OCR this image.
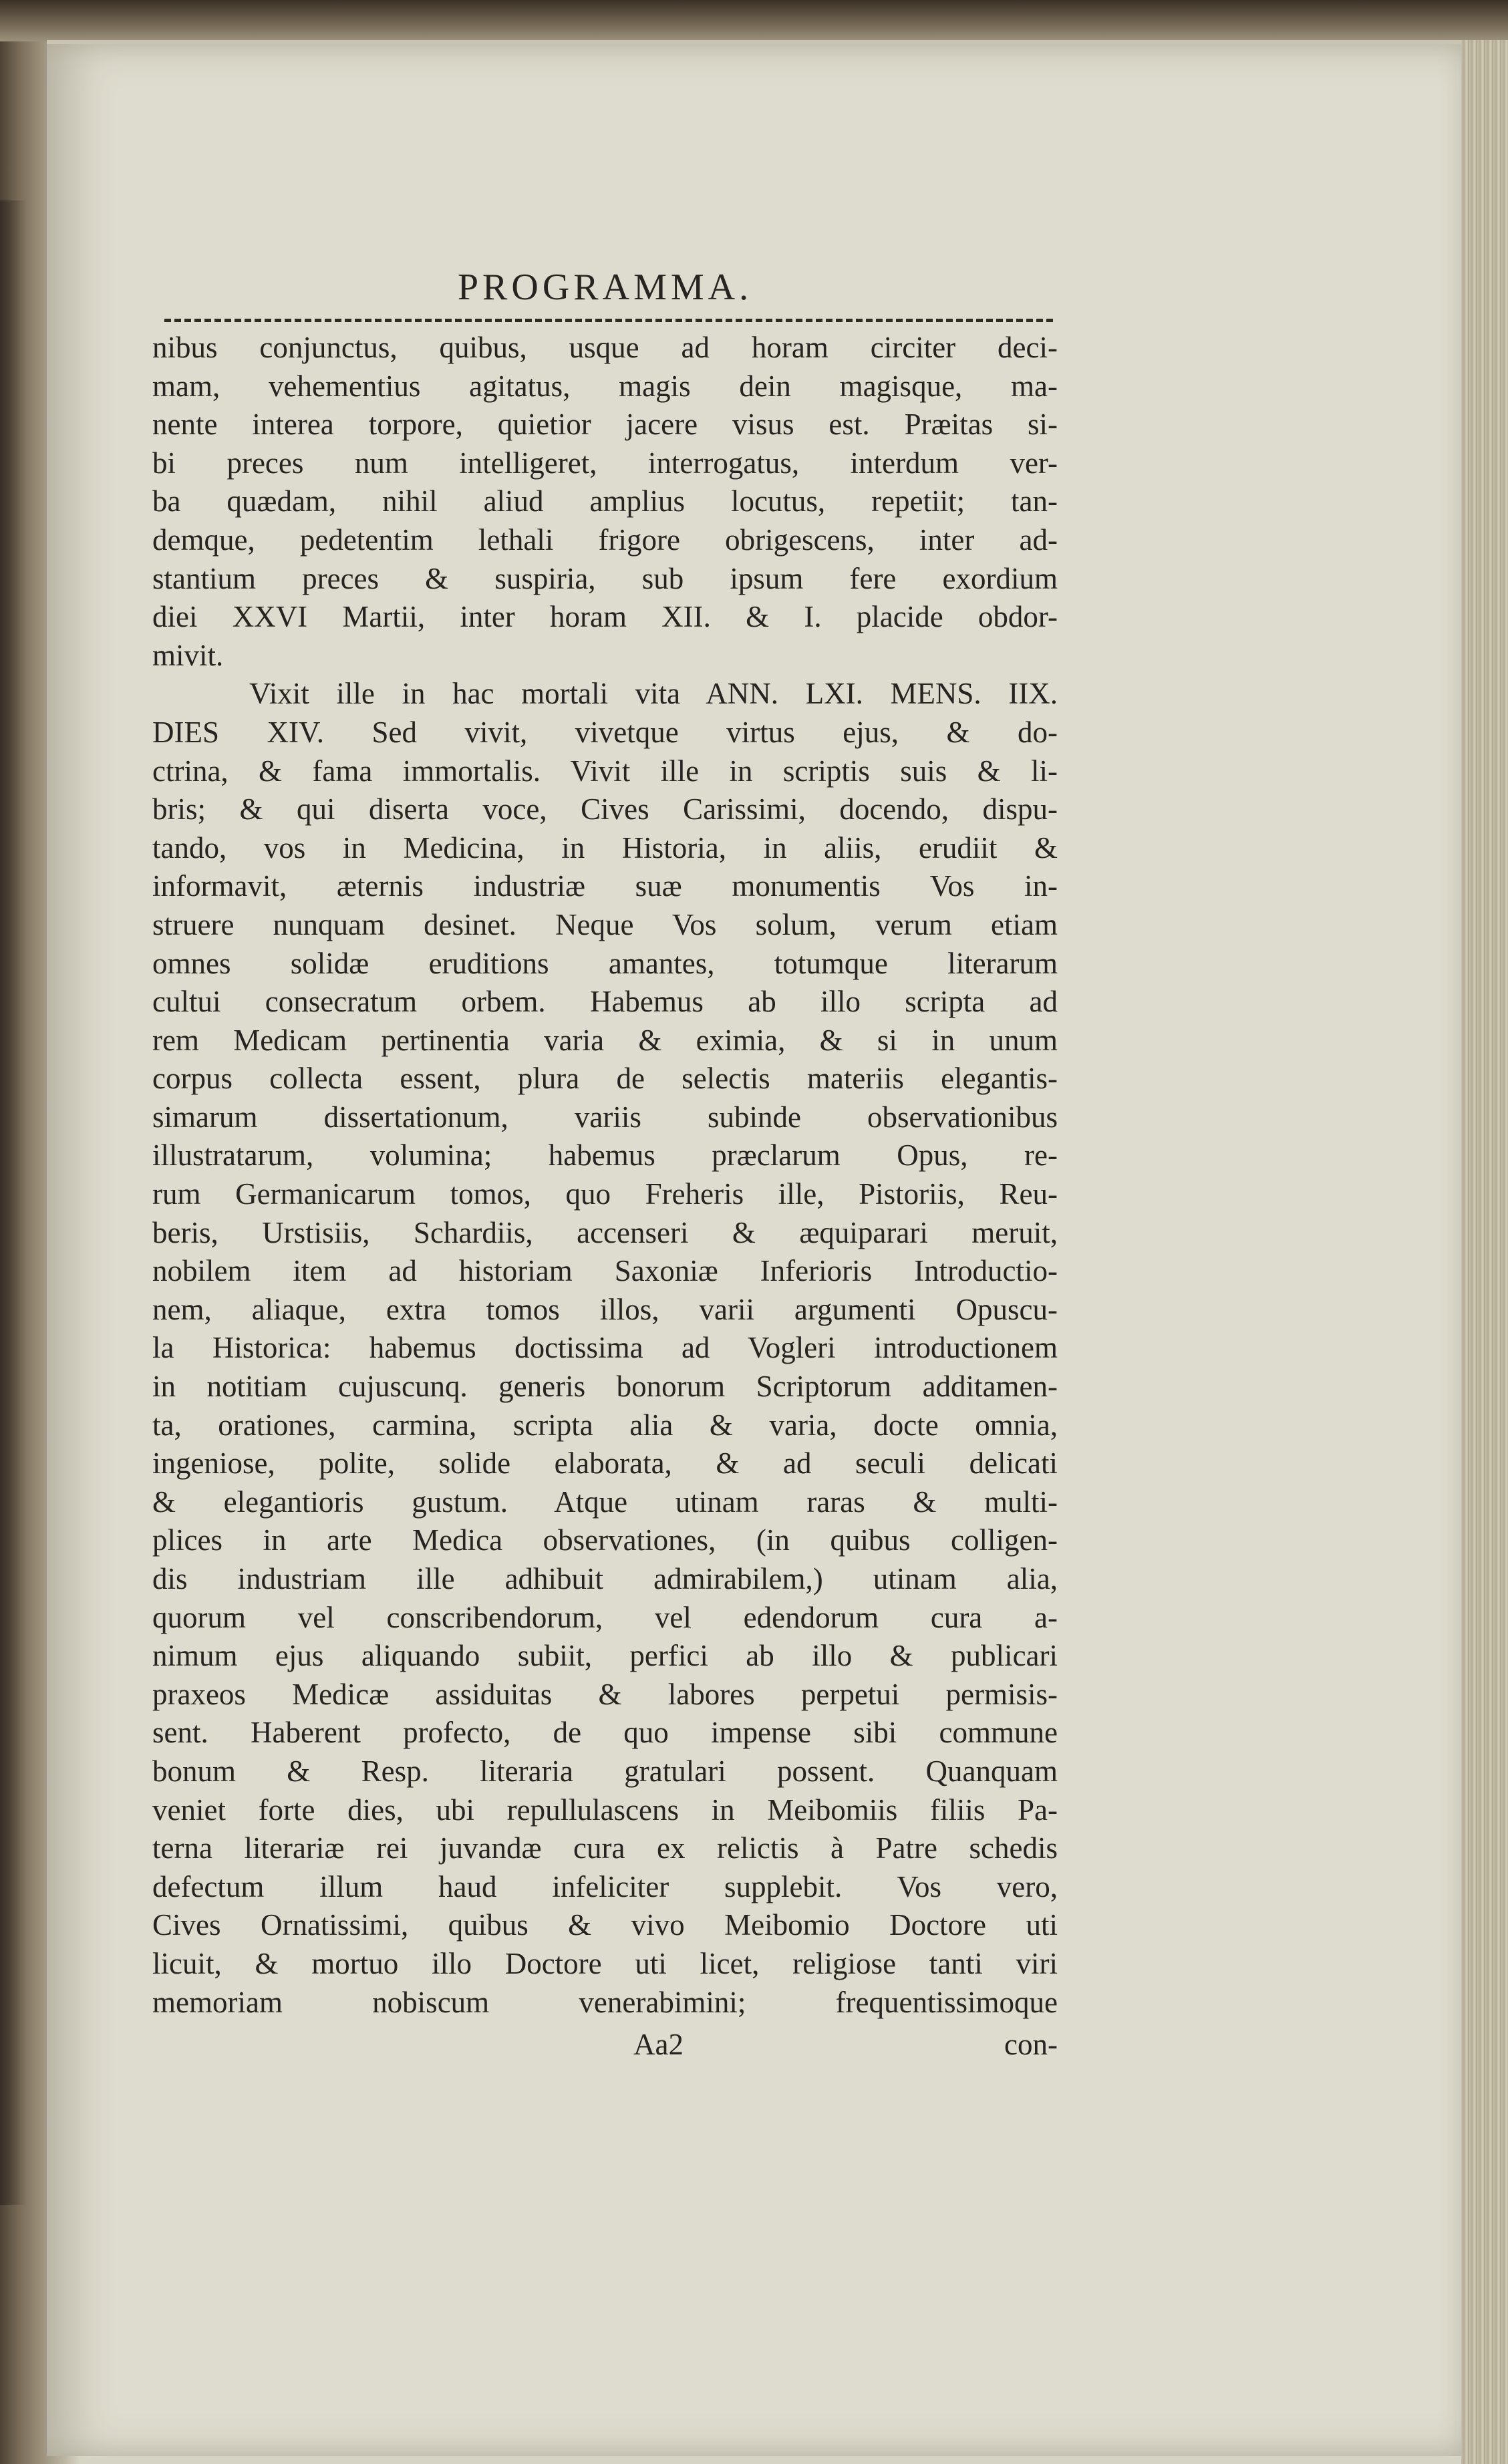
PROGRAMMA.
nibus conjunctus, quibus, usque ad horam circiter deci-
mam, vehementius agitatus, magis dein magisque, ma-
nente interea torpore, quietior jacere visus est. Præitas si-
bi preces num intelligeret, interrogatus, interdum ver-
ba quædam, nihil aliud amplius locutus, repetiit; tan-
demque, pedetentim lethali frigore obrigescens, inter ad-
stantium preces & suspiria, sub ipsum fere exordium
diei XXVI Martii, inter horam XII. & I. placide obdor-
mivit.
Vixit ille in hac mortali vita ANN. LXI. MENS. IIX.
DIES XIV. Sed vivit, vivetque virtus ejus, & do-
ctrina, & fama immortalis. Vivit ille in scriptis suis & li-
bris; & qui diserta voce, Cives Carissimi, docendo, dispu-
tando, vos in Medicina, in Historia, in aliis, erudiit &
informavit, æternis industriæ suæ monumentis Vos in-
struere nunquam desinet. Neque Vos solum, verum etiam
omnes solidæ eruditions amantes, totumque literarum
cultui consecratum orbem. Habemus ab illo scripta ad
rem Medicam pertinentia varia & eximia, & si in unum
corpus collecta essent, plura de selectis materiis elegantis-
simarum dissertationum, variis subinde observationibus
illustratarum, volumina; habemus præclarum Opus, re-
rum Germanicarum tomos, quo Freheris ille, Pistoriis, Reu-
beris, Urstisiis, Schardiis, accenseri & æquiparari meruit,
nobilem item ad historiam Saxoniæ Inferioris Introductio-
nem, aliaque, extra tomos illos, varii argumenti Opuscu-
la Historica: habemus doctissima ad Vogleri introductionem
in notitiam cujuscunq. generis bonorum Scriptorum additamen-
ta, orationes, carmina, scripta alia & varia, docte omnia,
ingeniose, polite, solide elaborata, & ad seculi delicati
& elegantioris gustum. Atque utinam raras & multi-
plices in arte Medica observationes, (in quibus colligen-
dis industriam ille adhibuit admirabilem,) utinam alia,
quorum vel conscribendorum, vel edendorum cura a-
nimum ejus aliquando subiit, perfici ab illo & publicari
praxeos Medicæ assiduitas & labores perpetui permisis-
sent. Haberent profecto, de quo impense sibi commune
bonum & Resp. literaria gratulari possent. Quanquam
veniet forte dies, ubi repullulascens in Meibomiis filiis Pa-
terna literariæ rei juvandæ cura ex relictis à Patre schedis
defectum illum haud infeliciter supplebit. Vos vero,
Cives Ornatissimi, quibus & vivo Meibomio Doctore uti
licuit, & mortuo illo Doctore uti licet, religiose tanti viri
memoriam nobiscum venerabimini; frequentissimoque
Aa2	con-
